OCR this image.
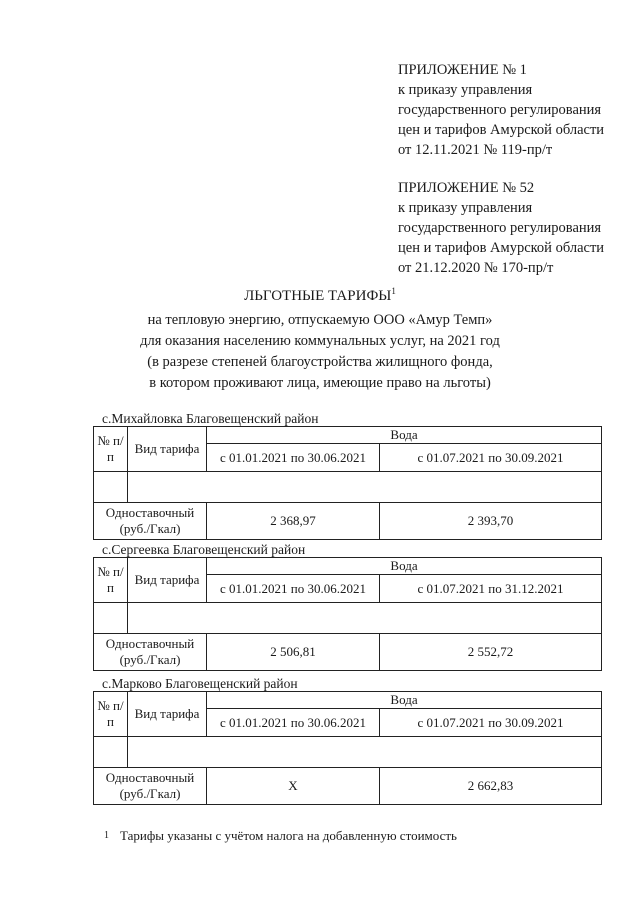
ПРИЛОЖЕНИЕ № 1
к приказу управления
государственного регулирования
цен и тарифов Амурской области
от 12.11.2021 № 119-пр/т
ПРИЛОЖЕНИЕ № 52
к приказу управления
государственного регулирования
цен и тарифов Амурской области
от 21.12.2020 № 170-пр/т
ЛЬГОТНЫЕ ТАРИФЫ$^1$
на тепловую энергию, отпускаемую ООО «Амур Темп»
для оказания населению коммунальных услуг, на 2021 год
(в разрезе степеней благоустройства жилищного фонда,
в котором проживают лица, имеющие право на льготы)
с.Михайловка Благовещенский район
№ п/п	Вид тарифа	Вода	
		с 01.01.2021 по 30.06.2021	с 01.07.2021 по 30.09.2021

Одноставочный (руб./Гкал)		2 368,97	2 393,70
с.Сергеевка Благовещенский район
№ п/п	Вид тарифа	Вода	
		с 01.01.2021 по 30.06.2021	с 01.07.2021 по 31.12.2021

Одноставочный (руб./Гкал)		2 506,81	2 552,72
с.Марково Благовещенский район
№ п/п	Вид тарифа	Вода	
		с 01.01.2021 по 30.06.2021	с 01.07.2021 по 30.09.2021

Одноставочный (руб./Гкал)		Х	2 662,83
1 Тарифы указаны с учётом налога на добавленную стоимость
